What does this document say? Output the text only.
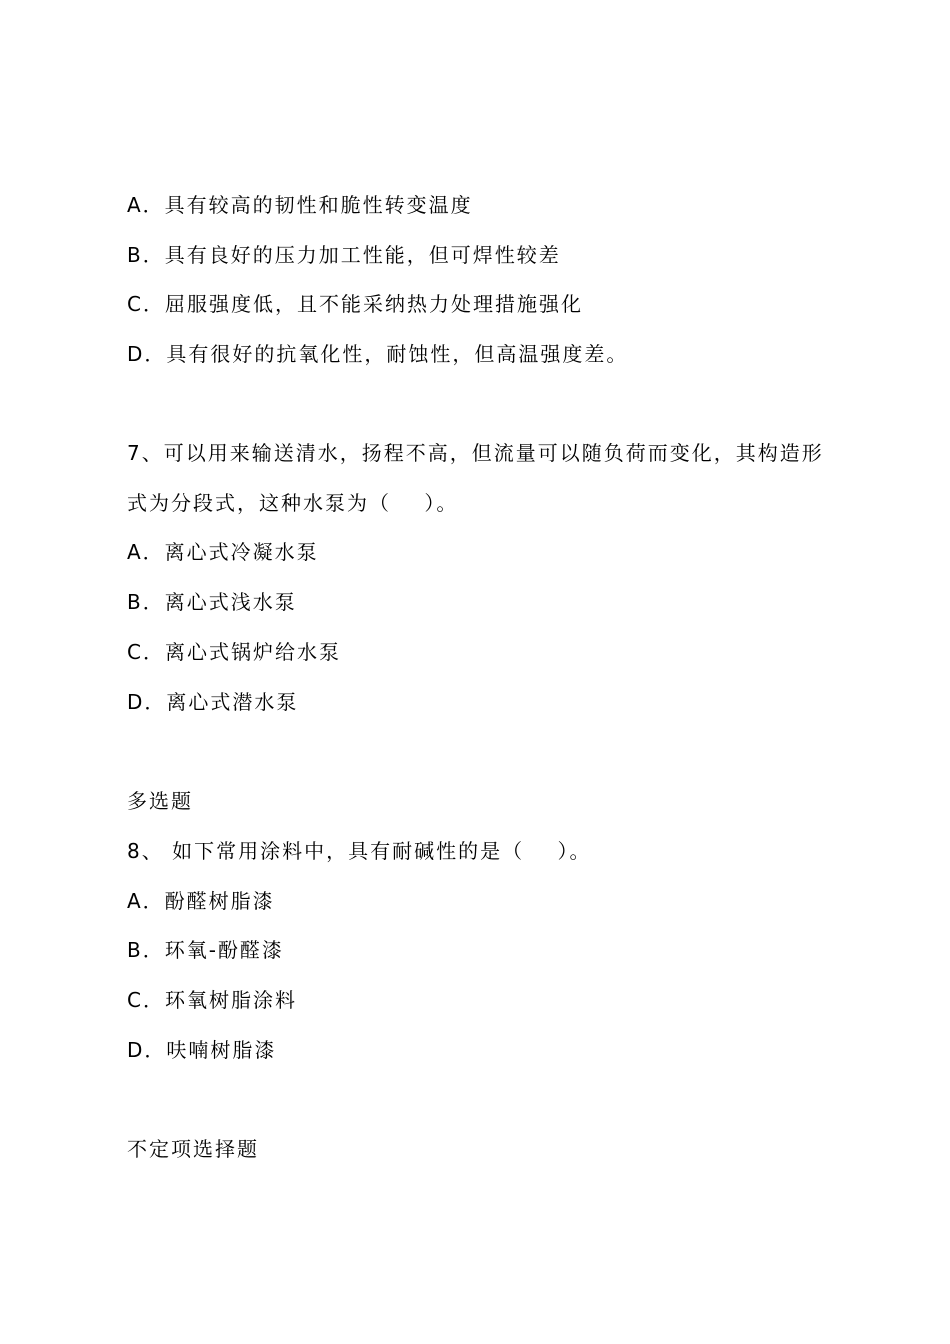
A．具有较高的韧性和脆性转变温度
B．具有良好的压力加工性能，但可焊性较差
C．屈服强度低，且不能采纳热力处理措施强化
D．具有很好的抗氧化性，耐蚀性，但高温强度差。
7、可以用来输送清水，扬程不高，但流量可以随负荷而变化，其构造形
式为分段式，这种水泵为（    ）。
A．离心式冷凝水泵
B．离心式浅水泵
C．离心式锅炉给水泵
D．离心式潜水泵
多选题
8、 如下常用涂料中，具有耐碱性的是（    ）。
A．酚醛树脂漆
B．环氧-酚醛漆
C．环氧树脂涂料
D．呋喃树脂漆
不定项选择题
